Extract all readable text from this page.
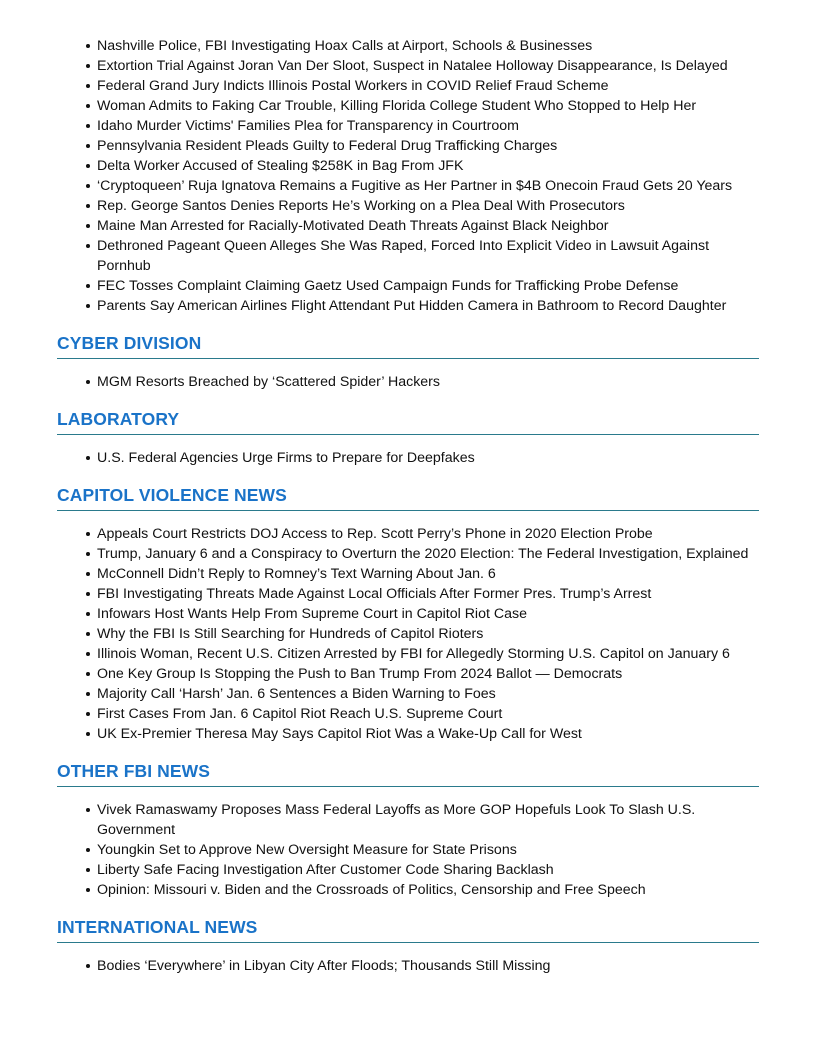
Nashville Police, FBI Investigating Hoax Calls at Airport, Schools & Businesses
Extortion Trial Against Joran Van Der Sloot, Suspect in Natalee Holloway Disappearance, Is Delayed
Federal Grand Jury Indicts Illinois Postal Workers in COVID Relief Fraud Scheme
Woman Admits to Faking Car Trouble, Killing Florida College Student Who Stopped to Help Her
Idaho Murder Victims' Families Plea for Transparency in Courtroom
Pennsylvania Resident Pleads Guilty to Federal Drug Trafficking Charges
Delta Worker Accused of Stealing $258K in Bag From JFK
‘Cryptoqueen’ Ruja Ignatova Remains a Fugitive as Her Partner in $4B Onecoin Fraud Gets 20 Years
Rep. George Santos Denies Reports He’s Working on a Plea Deal With Prosecutors
Maine Man Arrested for Racially-Motivated Death Threats Against Black Neighbor
Dethroned Pageant Queen Alleges She Was Raped, Forced Into Explicit Video in Lawsuit Against Pornhub
FEC Tosses Complaint Claiming Gaetz Used Campaign Funds for Trafficking Probe Defense
Parents Say American Airlines Flight Attendant Put Hidden Camera in Bathroom to Record Daughter
CYBER DIVISION
MGM Resorts Breached by ‘Scattered Spider’ Hackers
LABORATORY
U.S. Federal Agencies Urge Firms to Prepare for Deepfakes
CAPITOL VIOLENCE NEWS
Appeals Court Restricts DOJ Access to Rep. Scott Perry’s Phone in 2020 Election Probe
Trump, January 6 and a Conspiracy to Overturn the 2020 Election: The Federal Investigation, Explained
McConnell Didn’t Reply to Romney’s Text Warning About Jan. 6
FBI Investigating Threats Made Against Local Officials After Former Pres. Trump’s Arrest
Infowars Host Wants Help From Supreme Court in Capitol Riot Case
Why the FBI Is Still Searching for Hundreds of Capitol Rioters
Illinois Woman, Recent U.S. Citizen Arrested by FBI for Allegedly Storming U.S. Capitol on January 6
One Key Group Is Stopping the Push to Ban Trump From 2024 Ballot — Democrats
Majority Call ‘Harsh’ Jan. 6 Sentences a Biden Warning to Foes
First Cases From Jan. 6 Capitol Riot Reach U.S. Supreme Court
UK Ex-Premier Theresa May Says Capitol Riot Was a Wake-Up Call for West
OTHER FBI NEWS
Vivek Ramaswamy Proposes Mass Federal Layoffs as More GOP Hopefuls Look To Slash U.S. Government
Youngkin Set to Approve New Oversight Measure for State Prisons
Liberty Safe Facing Investigation After Customer Code Sharing Backlash
Opinion: Missouri v. Biden and the Crossroads of Politics, Censorship and Free Speech
INTERNATIONAL NEWS
Bodies ‘Everywhere’ in Libyan City After Floods; Thousands Still Missing
